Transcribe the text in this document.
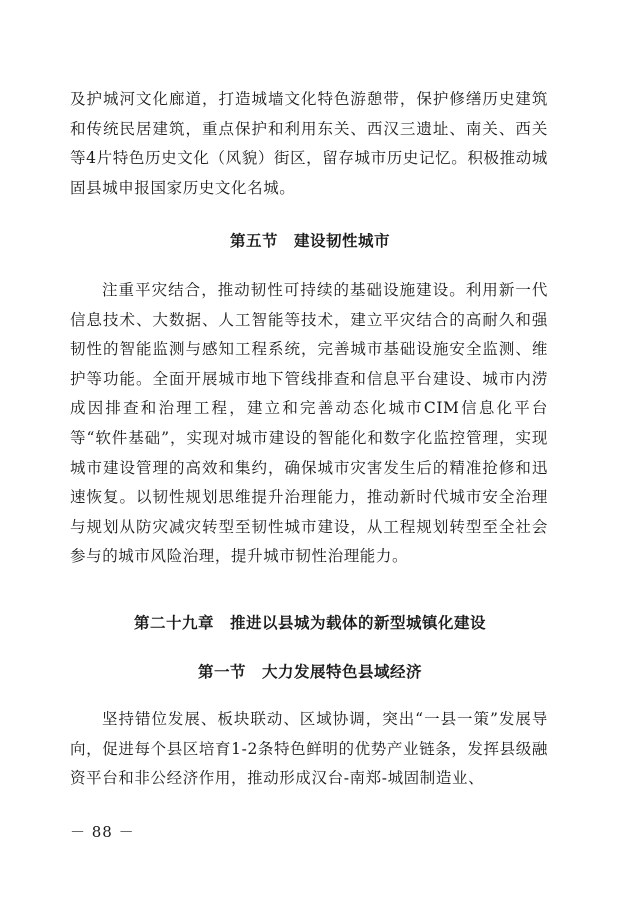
及护城河文化廊道，打造城墙文化特色游憩带，保护修缮历史建筑和传统民居建筑，重点保护和利用东关、西汉三遗址、南关、西关等4片特色历史文化（风貌）街区，留存城市历史记忆。积极推动城固县城申报国家历史文化名城。

第五节　建设韧性城市

注重平灾结合，推动韧性可持续的基础设施建设。利用新一代信息技术、大数据、人工智能等技术，建立平灾结合的高耐久和强韧性的智能监测与感知工程系统，完善城市基础设施安全监测、维护等功能。全面开展城市地下管线排查和信息平台建设、城市内涝成因排查和治理工程，建立和完善动态化城市CIM信息化平台等“软件基础”，实现对城市建设的智能化和数字化监控管理，实现城市建设管理的高效和集约，确保城市灾害发生后的精准抢修和迅速恢复。以韧性规划思维提升治理能力，推动新时代城市安全治理与规划从防灾减灾转型至韧性城市建设，从工程规划转型至全社会参与的城市风险治理，提升城市韧性治理能力。

第二十九章　推进以县城为载体的新型城镇化建设
第一节　大力发展特色县域经济

坚持错位发展、板块联动、区域协调，突出“一县一策”发展导向，促进每个县区培育1-2条特色鲜明的优势产业链条，发挥县级融资平台和非公经济作用，推动形成汉台-南郑-城固制造业、

－ 88 －
